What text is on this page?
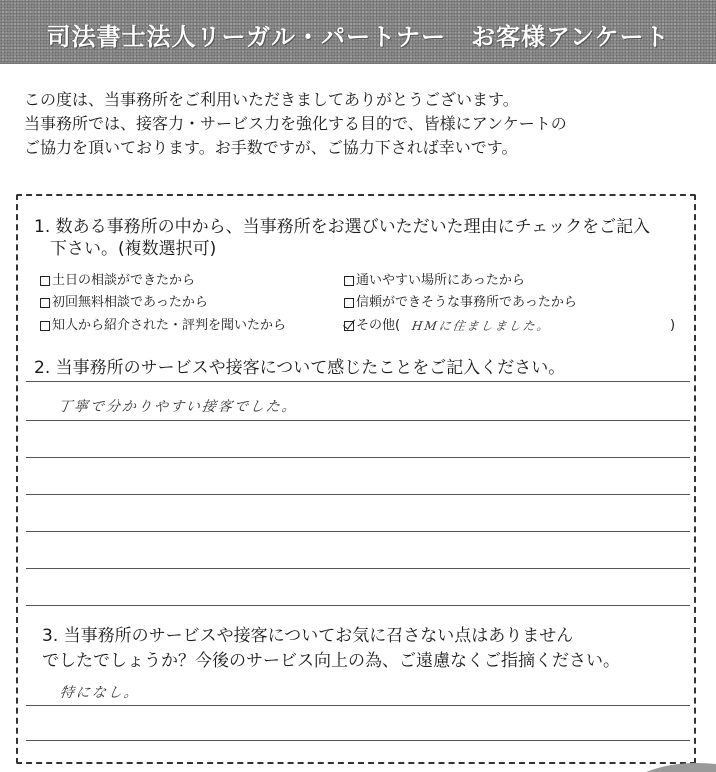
司法書士法人リーガル・パートナー　お客様アンケート
この度は、当事務所をご利用いただきましてありがとうございます。
当事務所では、接客力・サービス力を強化する目的で、皆様にアンケートの
ご協力を頂いております。お手数ですが、ご協力下されば幸いです。
1. 数ある事務所の中から、当事務所をお選びいただいた理由にチェックをご記入
下さい。(複数選択可)
土日の相談ができたから	通いやすい場所にあったから
初回無料相談であったから	信頼ができそうな事務所であったから
知人から紹介された・評判を聞いたから	その他( HMに住ましました。	)
2. 当事務所のサービスや接客について感じたことをご記入ください。
丁寧で分かりやすい接客でした。
3. 当事務所のサービスや接客についてお気に召さない点はありません
でしたでしょうか？今後のサービス向上の為、ご遠慮なくご指摘ください。
特になし。
